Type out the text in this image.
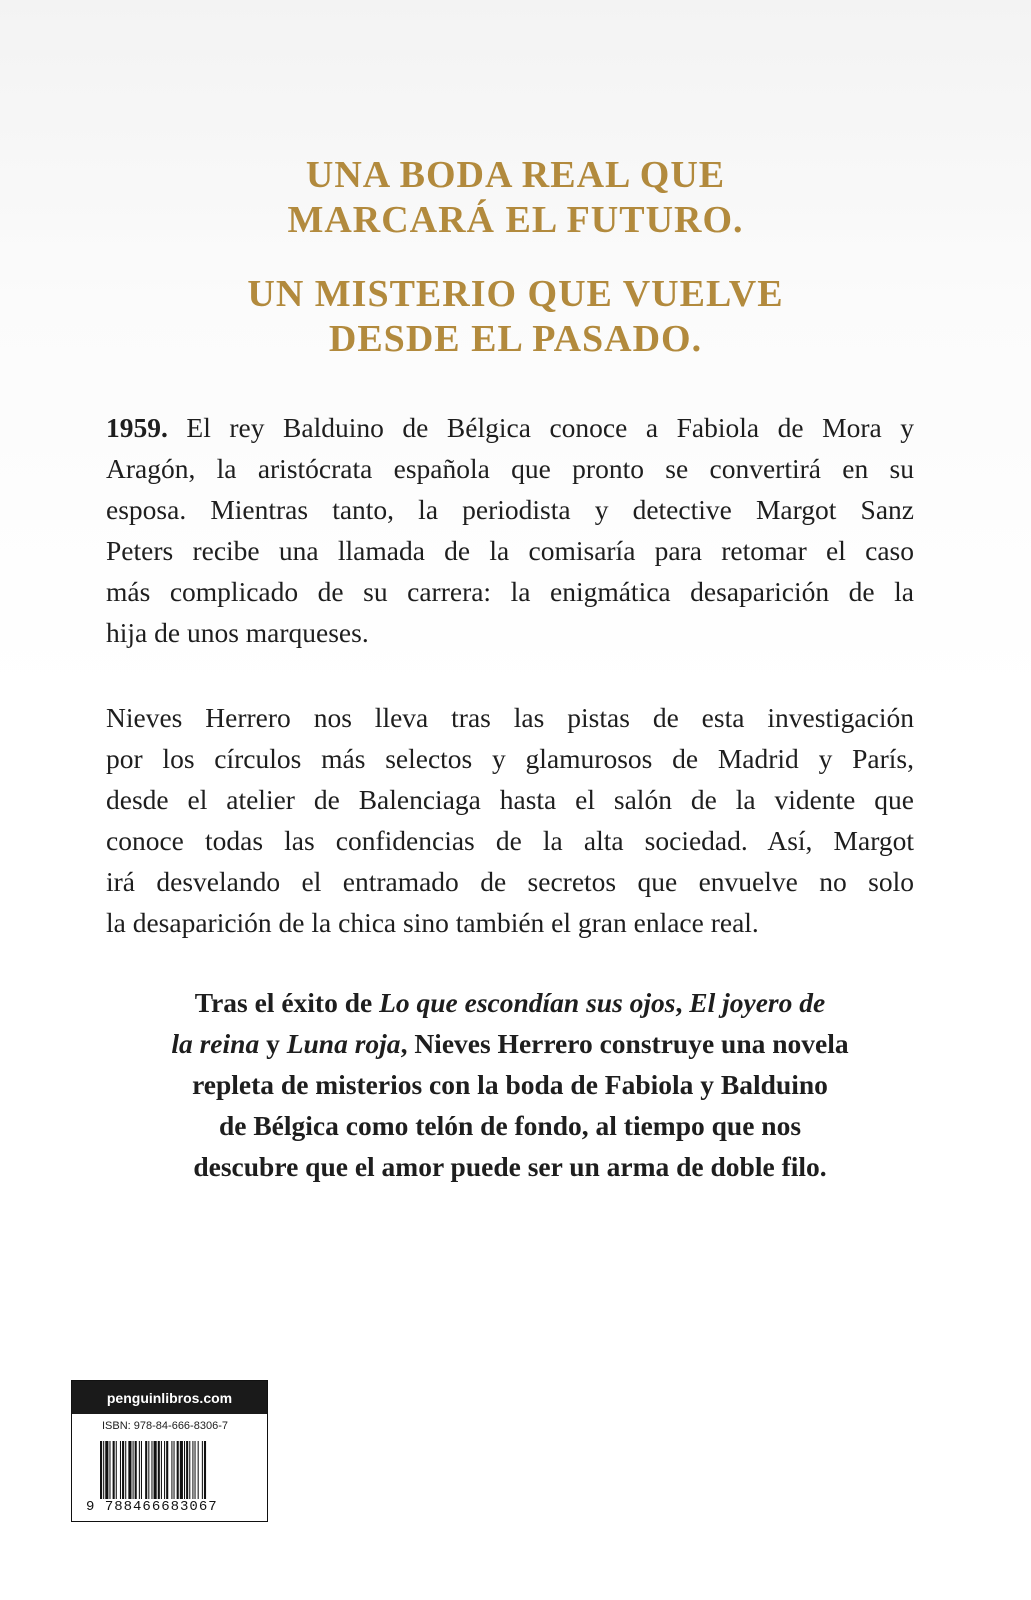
UNA BODA REAL QUE
MARCARÁ EL FUTURO.
UN MISTERIO QUE VUELVE
DESDE EL PASADO.
1959. El rey Balduino de Bélgica conoce a Fabiola de Mora y
Aragón, la aristócrata española que pronto se convertirá en su
esposa. Mientras tanto, la periodista y detective Margot Sanz
Peters recibe una llamada de la comisaría para retomar el caso
más complicado de su carrera: la enigmática desaparición de la
hija de unos marqueses.
Nieves Herrero nos lleva tras las pistas de esta investigación
por los círculos más selectos y glamurosos de Madrid y París,
desde el atelier de Balenciaga hasta el salón de la vidente que
conoce todas las confidencias de la alta sociedad. Así, Margot
irá desvelando el entramado de secretos que envuelve no solo
la desaparición de la chica sino también el gran enlace real.
Tras el éxito de Lo que escondían sus ojos, El joyero de
la reina y Luna roja, Nieves Herrero construye una novela
repleta de misterios con la boda de Fabiola y Balduino
de Bélgica como telón de fondo, al tiempo que nos
descubre que el amor puede ser un arma de doble filo.
penguinlibros.com
ISBN: 978-84-666-8306-7
9 788466683067
